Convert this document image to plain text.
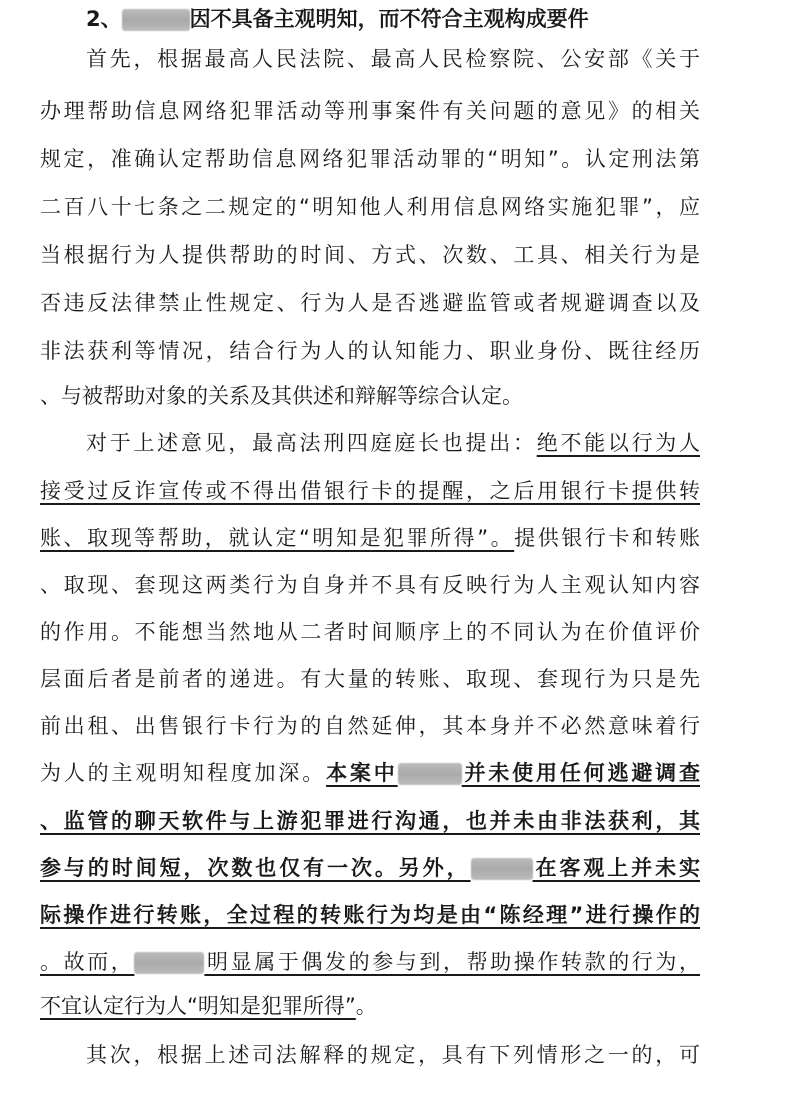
2、	因不具备主观明知，而不符合主观构成要件
首先，根据最高人民法院、最高人民检察院、公安部《关于
办理帮助信息网络犯罪活动等刑事案件有关问题的意见》的相关
规定，准确认定帮助信息网络犯罪活动罪的“明知”。认定刑法第
二百八十七条之二规定的“明知他人利用信息网络实施犯罪”，应
当根据行为人提供帮助的时间、方式、次数、工具、相关行为是
否违反法律禁止性规定、行为人是否逃避监管或者规避调查以及
非法获利等情况，结合行为人的认知能力、职业身份、既往经历
、与被帮助对象的关系及其供述和辩解等综合认定。
对于上述意见，最高法刑四庭庭长也提出：绝不能以行为人
接受过反诈宣传或不得出借银行卡的提醒，之后用银行卡提供转
账、取现等帮助，就认定“明知是犯罪所得”。提供银行卡和转账
、取现、套现这两类行为自身并不具有反映行为人主观认知内容
的作用。不能想当然地从二者时间顺序上的不同认为在价值评价
层面后者是前者的递进。有大量的转账、取现、套现行为只是先
前出租、出售银行卡行为的自然延伸，其本身并不必然意味着行
为人的主观明知程度加深。本案中	并未使用任何逃避调查
、监管的聊天软件与上游犯罪进行沟通，也并未由非法获利，其
参与的时间短，次数也仅有一次。另外，	在客观上并未实
际操作进行转账，全过程的转账行为均是由“陈经理”进行操作的
。故而，	明显属于偶发的参与到，帮助操作转款的行为，
不宜认定行为人“明知是犯罪所得”。
其次，根据上述司法解释的规定，具有下列情形之一的，可
